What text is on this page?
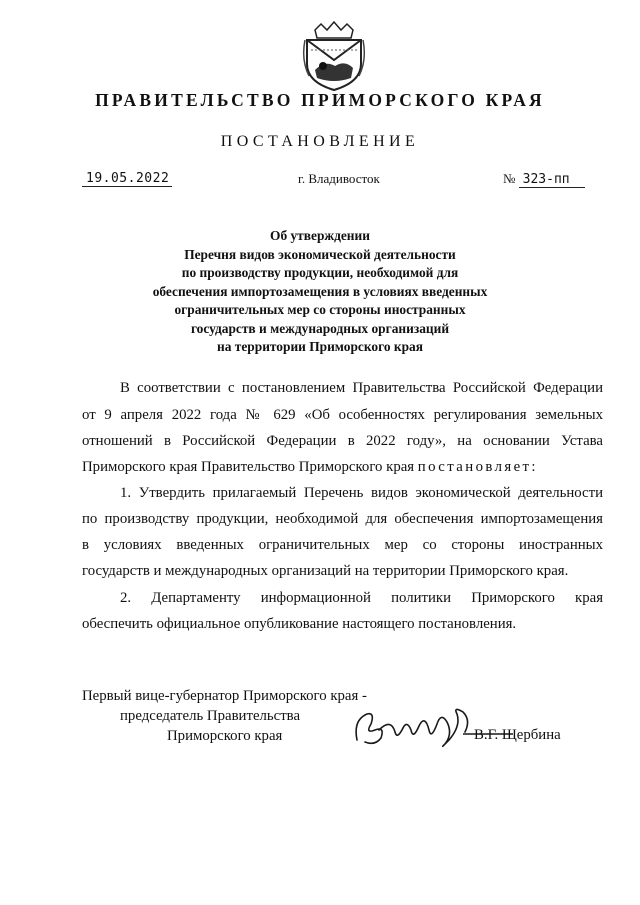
ПРАВИТЕЛЬСТВО ПРИМОРСКОГО КРАЯ
ПОСТАНОВЛЕНИЕ
19.05.2022	г. Владивосток	№ 323-пп
Об утверждении
Перечня видов экономической деятельности
по производству продукции, необходимой для
обеспечения импортозамещения в условиях введенных
ограничительных мер со стороны иностранных
государств и международных организаций
на территории Приморского края
В соответствии с постановлением Правительства Российской Федерации
от 9 апреля 2022 года № 629 «Об особенностях регулирования земельных
отношений в Российской Федерации в 2022 году», на основании Устава
Приморского края Правительство Приморского края постановляет:
1. Утвердить прилагаемый Перечень видов экономической деятельности
по производству продукции, необходимой для обеспечения импортозамещения
в условиях введенных ограничительных мер со стороны иностранных
государств и международных организаций на территории Приморского края.
2. Департаменту информационной политики Приморского края
обеспечить официальное опубликование настоящего постановления.
Первый вице-губернатор Приморского края -
председатель Правительства
Приморского края	В.Г. Щербина
